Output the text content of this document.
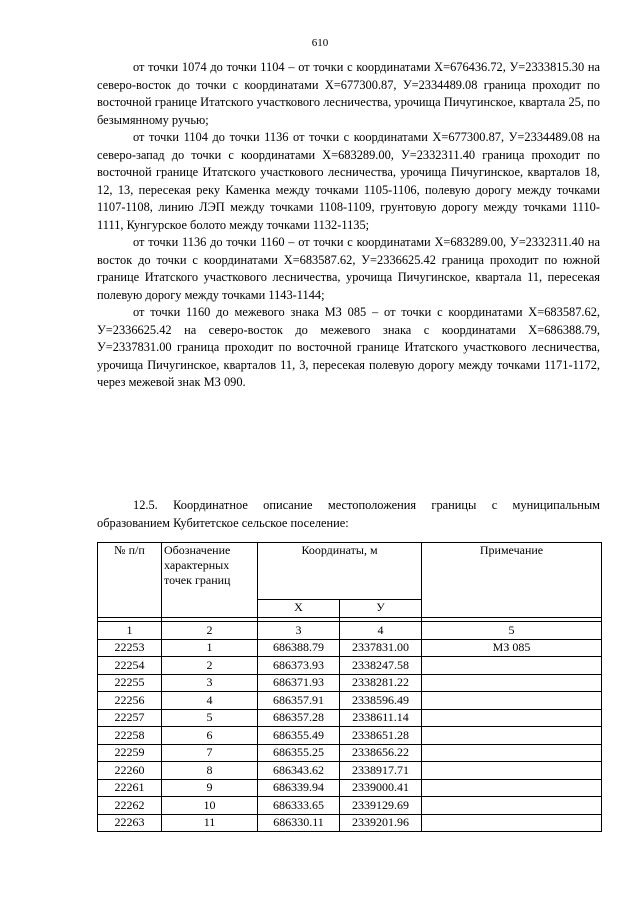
610

от точки 1074 до точки 1104 – от точки с координатами Х=676436.72, У=2333815.30 на северо-восток до точки с координатами Х=677300.87, У=2334489.08 граница проходит по восточной границе Итатского участкового лесничества, урочища Пичугинское, квартала 25, по безымянному ручью;

от точки 1104 до точки 1136 от точки с координатами Х=677300.87, У=2334489.08 на северо-запад до точки с координатами Х=683289.00, У=2332311.40 граница проходит по восточной границе Итатского участкового лесничества, урочища Пичугинское, кварталов 18, 12, 13, пересекая реку Каменка между точками 1105-1106, полевую дорогу между точками 1107-1108, линию ЛЭП между точками 1108-1109, грунтовую дорогу между точками 1110-1111, Кунгурское болото между точками 1132-1135;

от точки 1136 до точки 1160 – от точки с координатами Х=683289.00, У=2332311.40 на восток до точки с координатами Х=683587.62, У=2336625.42 граница проходит по южной границе Итатского участкового лесничества, урочища Пичугинское, квартала 11, пересекая полевую дорогу между точками 1143-1144;

от точки 1160 до межевого знака МЗ 085 – от точки с координатами Х=683587.62, У=2336625.42 на северо-восток до межевого знака с координатами Х=686388.79, У=2337831.00 граница проходит по восточной границе Итатского участкового лесничества, урочища Пичугинское, кварталов 11, 3, пересекая полевую дорогу между точками 1171-1172, через межевой знак МЗ 090.

12.5. Координатное описание местоположения границы с муниципальным образованием Кубитетское сельское поселение:

№ п/п	Обозначение характерных точек границ	Координаты, м		Примечание
		Х	У	

1	2	3	4	5
22253	1	686388.79	2337831.00	МЗ 085
22254	2	686373.93	2338247.58	
22255	3	686371.93	2338281.22	
22256	4	686357.91	2338596.49	
22257	5	686357.28	2338611.14	
22258	6	686355.49	2338651.28	
22259	7	686355.25	2338656.22	
22260	8	686343.62	2338917.71	
22261	9	686339.94	2339000.41	
22262	10	686333.65	2339129.69	
22263	11	686330.11	2339201.96	
